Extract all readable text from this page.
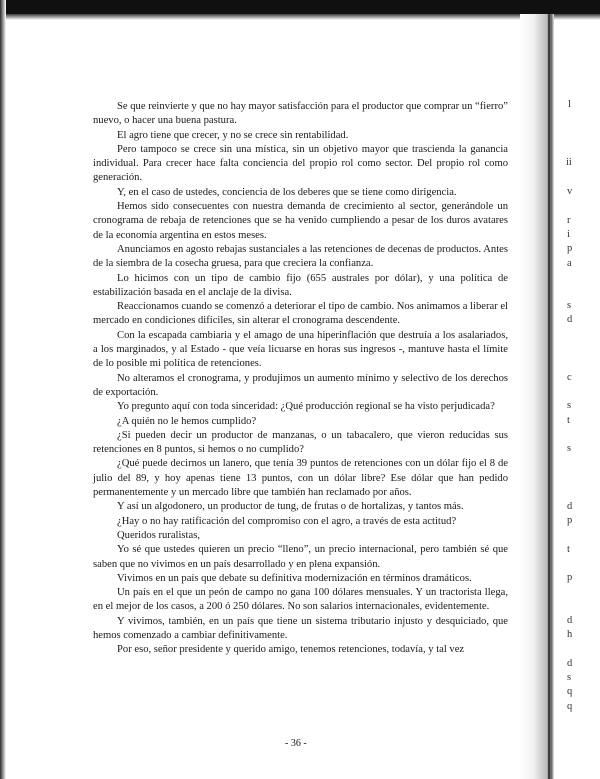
Se que reinvierte y que no hay mayor satisfacción para el productor que comprar un “fierro” nuevo, o hacer una buena pastura.

El agro tiene que crecer, y no se crece sin rentabilidad.

Pero tampoco se crece sin una mística, sin un objetivo mayor que trascienda la ganancia individual. Para crecer hace falta conciencia del propio rol como sector. Del propio rol como generación.

Y, en el caso de ustedes, conciencia de los deberes que se tiene como dirigencia.

Hemos sido consecuentes con nuestra demanda de crecimiento al sector, generándole un cronograma de rebaja de retenciones que se ha venido cumpliendo a pesar de los duros avatares de la economía argentina en estos meses.

Anunciamos en agosto rebajas sustanciales a las retenciones de decenas de productos. Antes de la siembra de la cosecha gruesa, para que creciera la confianza.

Lo hicimos con un tipo de cambio fijo (655 australes por dólar), y una política de estabilización basada en el anclaje de la divisa.

Reaccionamos cuando se comenzó a deteriorar el tipo de cambio. Nos animamos a liberar el mercado en condiciones difíciles, sin alterar el cronograma descendente.

Con la escapada cambiaria y el amago de una hiperinflación que destruía a los asalariados, a los marginados, y al Estado - que veía licuarse en horas sus ingresos -, mantuve hasta el límite de lo posible mi política de retenciones.

No alteramos el cronograma, y produjimos un aumento mínimo y selectivo de los derechos de exportación.

Yo pregunto aquí con toda sinceridad: ¿Qué producción regional se ha visto perjudicada?

¿A quién no le hemos cumplido?

¿Si pueden decir un productor de manzanas, o un tabacalero, que vieron reducidas sus retenciones en 8 puntos, si hemos o no cumplido?

¿Qué puede decirnos un lanero, que tenía 39 puntos de retenciones con un dólar fijo el 8 de julio del 89, y hoy apenas tiene 13 puntos, con un dólar libre? Ese dólar que han pedido permanentemente y un mercado libre que también han reclamado por años.

Y así un algodonero, un productor de tung, de frutas o de hortalizas, y tantos más.

¿Hay o no hay ratificación del compromiso con el agro, a través de esta actitud?

Queridos ruralistas,

Yo sé que ustedes quieren un precio “lleno”, un precio internacional, pero también sé que saben que no vivimos en un país desarrollado y en plena expansión.

Vivimos en un país que debate su definitiva modernización en términos dramáticos.

Un país en el que un peón de campo no gana 100 dólares mensuales. Y un tractorista llega, en el mejor de los casos, a 200 ó 250 dólares. No son salarios internacionales, evidentemente.

Y vivimos, también, en un país que tiene un sistema tributario injusto y desquiciado, que hemos comenzado a cambiar definitivamente.

Por eso, señor presidente y querido amigo, tenemos retenciones, todavía, y tal vez

- 36 -
l
ii
v
r
i
p
a
s
d
c
s
t
s
d
p
t
p
d
h
d
s
q
q
